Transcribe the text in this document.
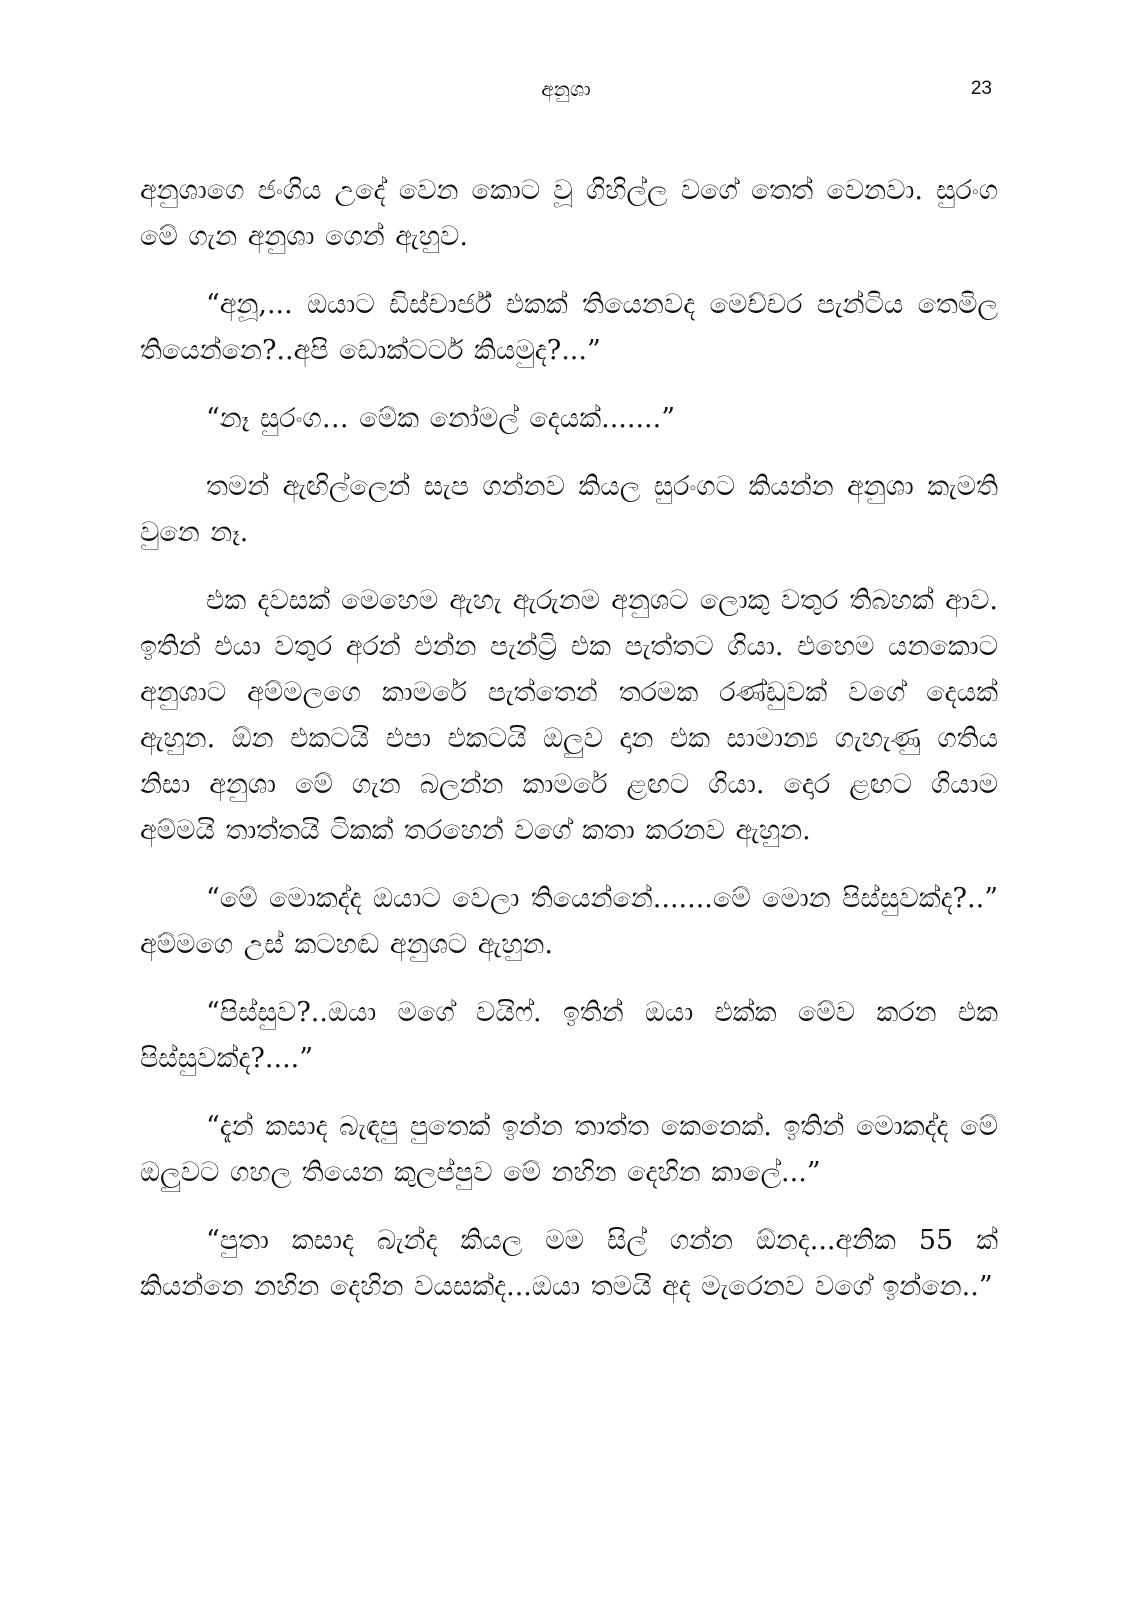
අනුශා	23

අනුශාගෙ ජංගිය උදේ වෙන කොට වූ ගිහිල්ල වගේ තෙත් වෙනවා. සුරංග මේ ගැන අනුශා ගෙන් ඇහුව.

“අනූ,... ඔයාට ඩිස්චාර්ජ් එකක් තියෙනවද මෙච්චර පැන්ටිය තෙමිල තියෙන්නෙ?..අපි ඩොක්ටර්ට කියමුද?...”

“නෑ සුරංග… මේක නෝමල් දෙයක්.......”

තමන් ඇඟිල්ලෙන් සැප ගන්නව කියල සුරංගට කියන්න අනුශා කැමති වුනෙ නෑ.

එක දවසක් මෙහෙම ඇහැ ඇරුනම අනුශට ලොකු වතුර තිබහක් ආව. ඉතින් එයා වතුර අරන් එන්න පැන්ට්‍රි එක පැත්තට ගියා. එහෙම යනකොට අනුශාට අම්මලගෙ කාමරේ පැත්තෙන් තරමක රණ්ඩුවක් වගේ දෙයක් ඇහුන. ඕන එකටයි එපා එකටයි ඔලුව දාන එක සාමාන්‍ය ගැහැණු ගතිය නිසා අනුශා මේ ගැන බලන්න කාමරේ ළඟට ගියා. දොර ළඟට ගියාම අම්මයි තාත්තයි ටිකක් තරහෙන් වගේ කතා කරනව ඇහුන.

“මේ මොකද්ද ඔයාට වෙලා තියෙන්නේ.......මේ මොන පිස්සුවක්ද?..” අම්මගෙ උස් කටහඬ අනුශට ඇහුන.

“පිස්සුව?..ඔයා මගේ වයිෆ්. ඉතින් ඔයා එක්ක මේව කරන එක පිස්සුවක්ද?....”

“දැන් කසාද බැඳපු පුතෙක් ඉන්න තාත්ත කෙනෙක්. ඉතින් මොකද්ද මේ ඔලුවට ගහල තියෙන කුලප්පුව මේ නහින දෙහින කාලේ...”

“පුතා කසාද බැන්ද කියල මම සිල් ගන්න ඕනද...අනික 55 ක් කියන්නෙ නහින දෙහින වයසක්ද...ඔයා තමයි අද මැරෙනව වගේ ඉන්නෙ..”
